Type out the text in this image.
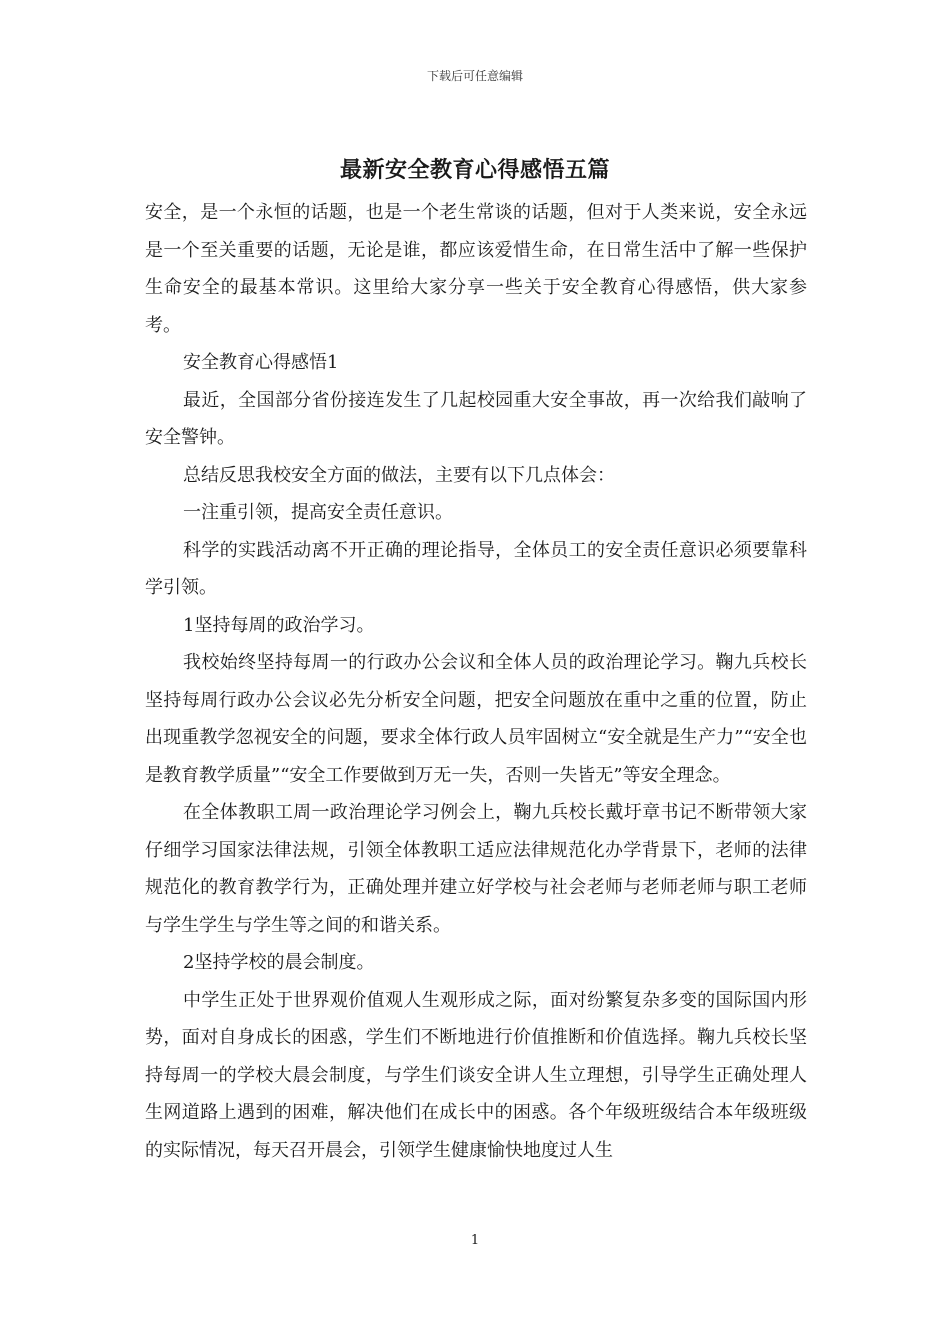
下载后可任意编辑
最新安全教育心得感悟五篇

安全，是一个永恒的话题，也是一个老生常谈的话题，但对于人类来说，安全永远是一个至关重要的话题，无论是谁，都应该爱惜生命，在日常生活中了解一些保护生命安全的最基本常识。这里给大家分享一些关于安全教育心得感悟，供大家参考。

安全教育心得感悟1

最近，全国部分省份接连发生了几起校园重大安全事故，再一次给我们敲响了安全警钟。

总结反思我校安全方面的做法，主要有以下几点体会：

一注重引领，提高安全责任意识。

科学的实践活动离不开正确的理论指导，全体员工的安全责任意识必须要靠科学引领。

1坚持每周的政治学习。

我校始终坚持每周一的行政办公会议和全体人员的政治理论学习。鞠九兵校长坚持每周行政办公会议必先分析安全问题，把安全问题放在重中之重的位置，防止出现重教学忽视安全的问题，要求全体行政人员牢固树立“安全就是生产力”“安全也是教育教学质量”“安全工作要做到万无一失，否则一失皆无”等安全理念。

在全体教职工周一政治理论学习例会上，鞠九兵校长戴圩章书记不断带领大家仔细学习国家法律法规，引领全体教职工适应法律规范化办学背景下，老师的法律规范化的教育教学行为，正确处理并建立好学校与社会老师与老师老师与职工老师与学生学生与学生等之间的和谐关系。

2坚持学校的晨会制度。

中学生正处于世界观价值观人生观形成之际，面对纷繁复杂多变的国际国内形势，面对自身成长的困惑，学生们不断地进行价值推断和价值选择。鞠九兵校长坚持每周一的学校大晨会制度，与学生们谈安全讲人生立理想，引导学生正确处理人生网道路上遇到的困难，解决他们在成长中的困惑。各个年级班级结合本年级班级的实际情况，每天召开晨会，引领学生健康愉快地度过人生

1
